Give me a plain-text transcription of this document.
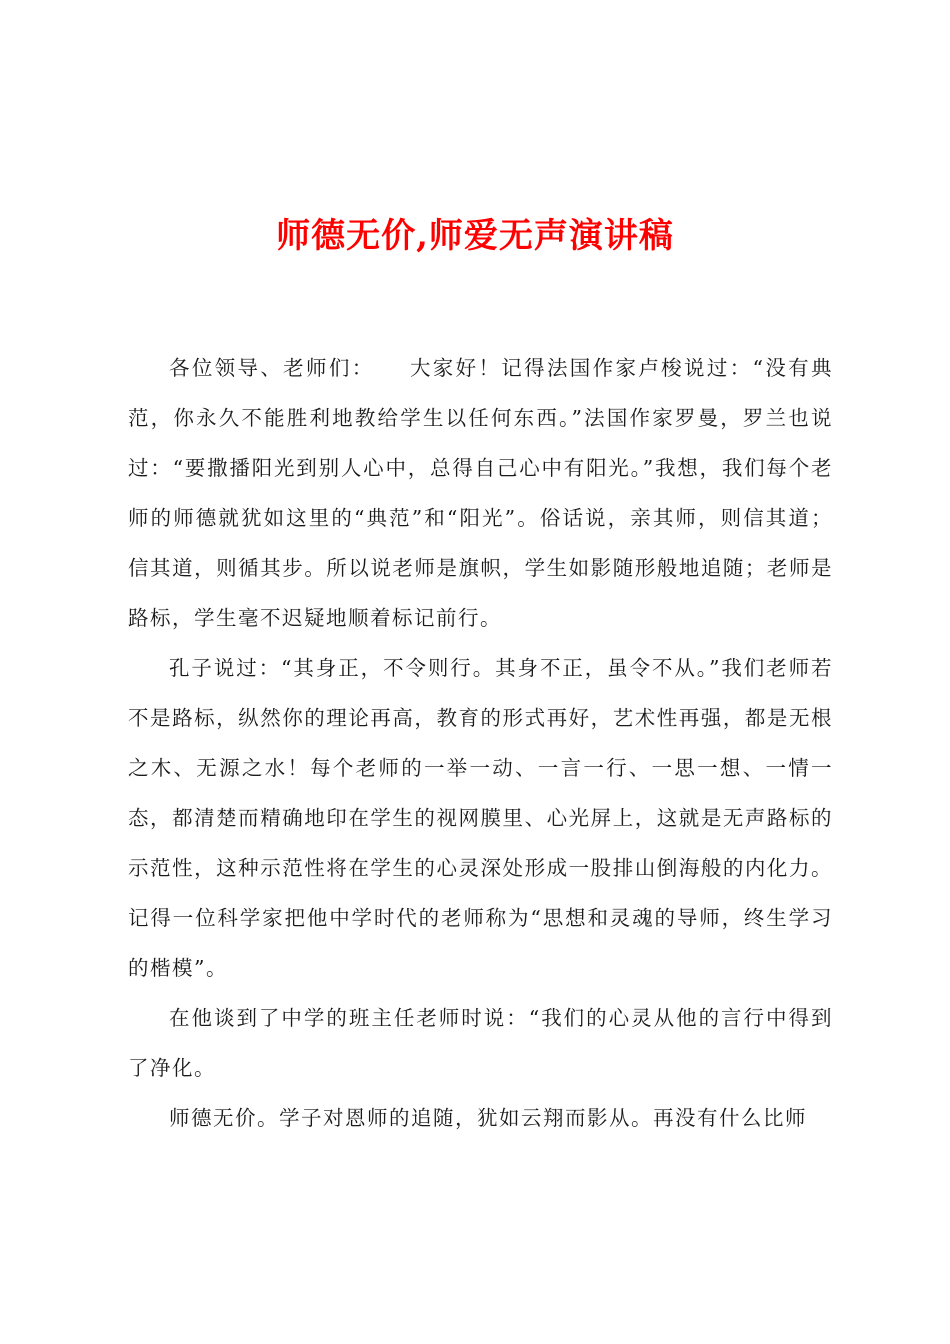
师德无价,师爱无声演讲稿

各位领导、老师们：　　大家好！记得法国作家卢梭说过：“没有典范，你永久不能胜利地教给学生以任何东西。”法国作家罗曼，罗兰也说过：“要撒播阳光到别人心中，总得自己心中有阳光。”我想，我们每个老师的师德就犹如这里的“典范”和“阳光”。俗话说，亲其师，则信其道；信其道，则循其步。所以说老师是旗帜，学生如影随形般地追随；老师是路标，学生毫不迟疑地顺着标记前行。

孔子说过：“其身正，不令则行。其身不正，虽令不从。”我们老师若不是路标，纵然你的理论再高，教育的形式再好，艺术性再强，都是无根之木、无源之水！每个老师的一举一动、一言一行、一思一想、一情一态，都清楚而精确地印在学生的视网膜里、心光屏上，这就是无声路标的示范性，这种示范性将在学生的心灵深处形成一股排山倒海般的内化力。记得一位科学家把他中学时代的老师称为“思想和灵魂的导师，终生学习的楷模”。

在他谈到了中学的班主任老师时说：“我们的心灵从他的言行中得到了净化。

师德无价。学子对恩师的追随，犹如云翔而影从。再没有什么比师
